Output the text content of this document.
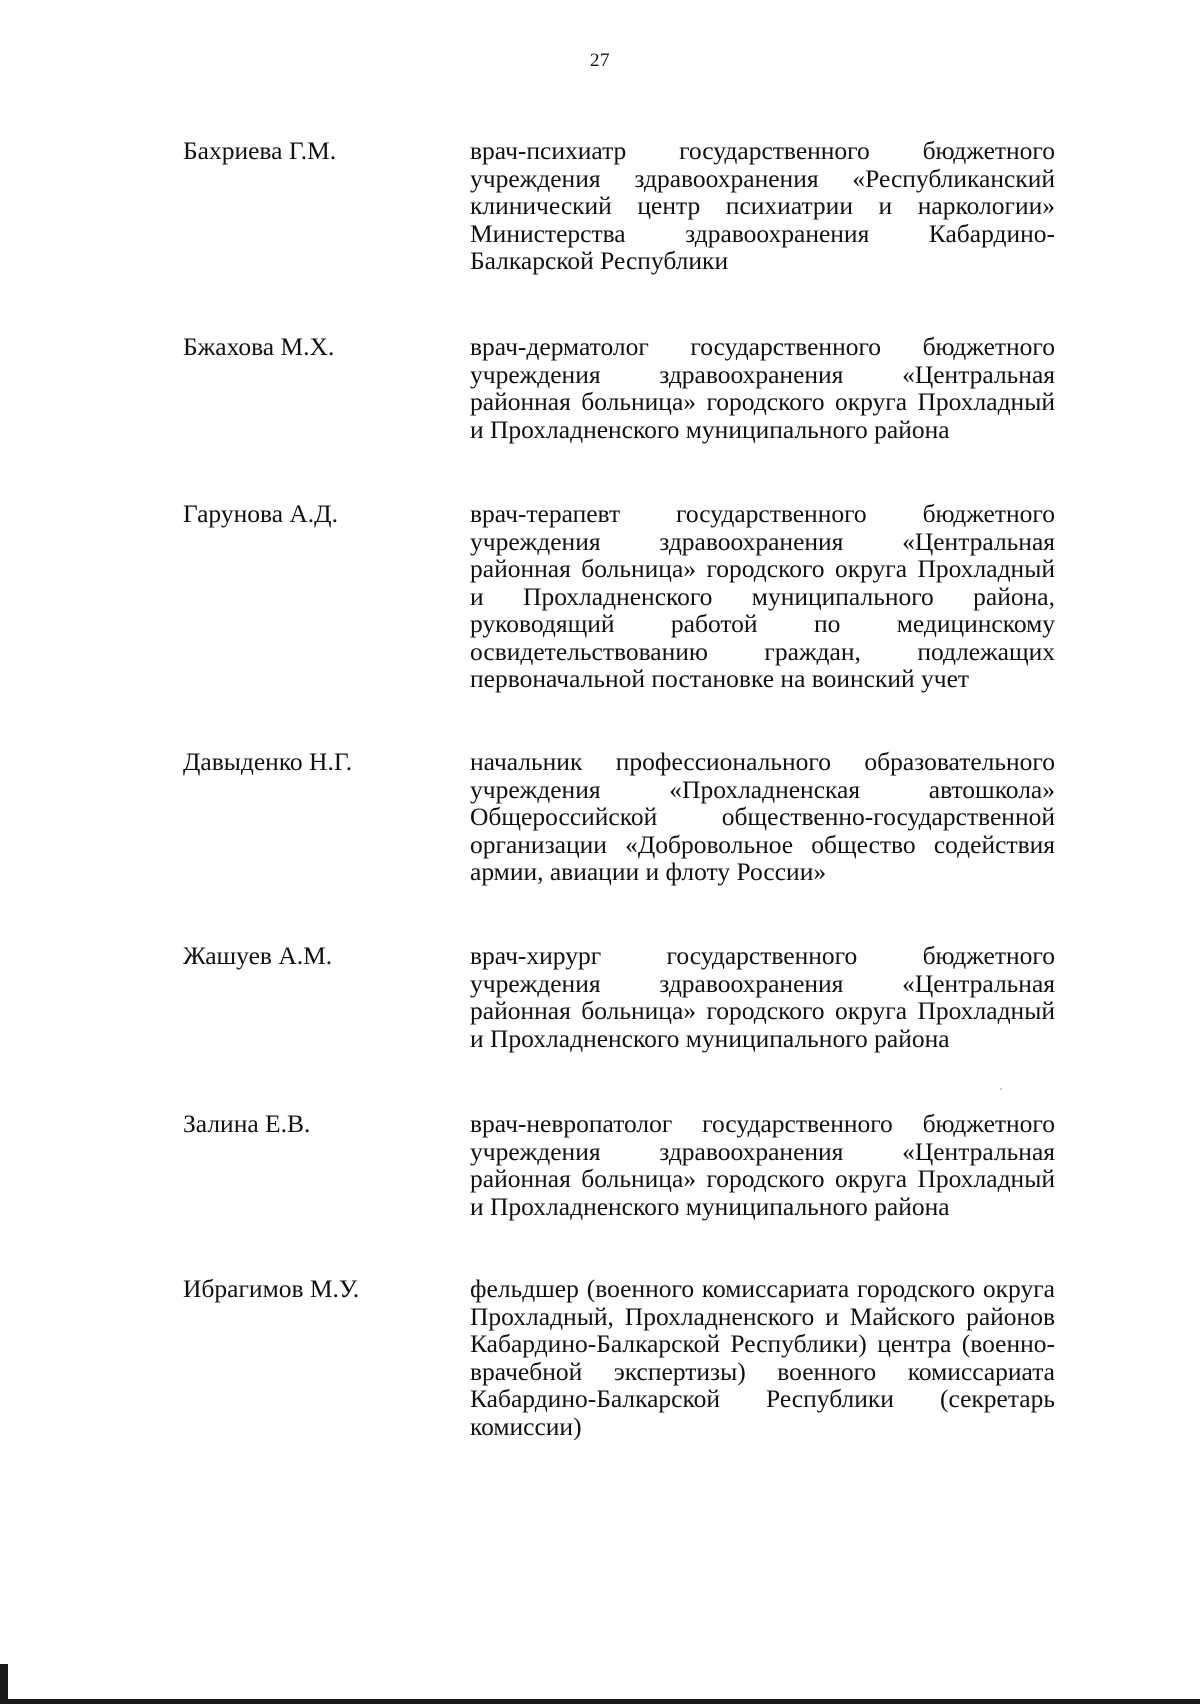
27
Бахриева Г.М.	врач-психиатр государственного бюджетного учреждения здравоохранения «Республиканский клинический центр психиатрии и наркологии» Министерства здравоохранения Кабардино-Балкарской Республики
Бжахова М.Х.	врач-дерматолог государственного бюджетного учреждения здравоохранения «Центральная районная больница» городского округа Прохладный и Прохладненского муниципального района
Гарунова А.Д.	врач-терапевт государственного бюджетного учреждения здравоохранения «Центральная районная больница» городского округа Прохладный и Прохладненского муниципального района, руководящий работой по медицинскому освидетельствованию граждан, подлежащих первоначальной постановке на воинский учет
Давыденко Н.Г.	начальник профессионального образовательного учреждения «Прохладненская автошкола» Общероссийской общественно-государственной организации «Добровольное общество содействия армии, авиации и флоту России»
Жашуев А.М.	врач-хирург государственного бюджетного учреждения здравоохранения «Центральная районная больница» городского округа Прохладный и Прохладненского муниципального района
Залина Е.В.	врач-невропатолог государственного бюджетного учреждения здравоохранения «Центральная районная больница» городского округа Прохладный и Прохладненского муниципального района
Ибрагимов М.У.	фельдшер (военного комиссариата городского округа Прохладный, Прохладненского и Майского районов Кабардино-Балкарской Республики) центра (военно-врачебной экспертизы) военного комиссариата Кабардино-Балкарской Республики (секретарь комиссии)
